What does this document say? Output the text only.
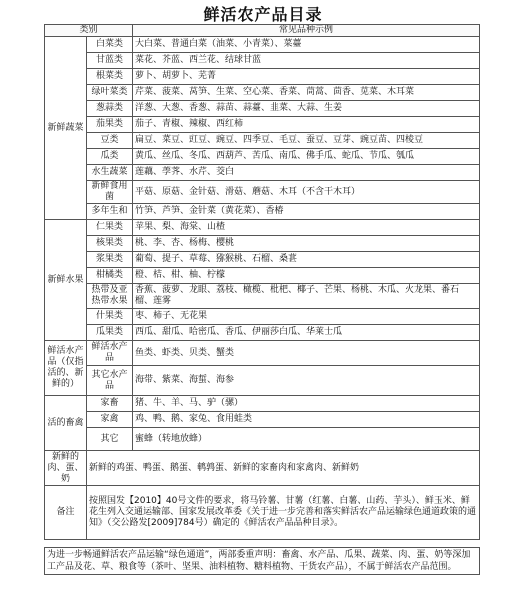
鲜活农产品目录
类别		常见品种示例
新鲜蔬菜	白菜类	大白菜、普通白菜（油菜、小青菜）、菜薹
	甘蓝类	菜花、芥蓝、西兰花、结球甘蓝
	根菜类	萝卜、胡萝卜、芜菁
	绿叶菜类	芹菜、菠菜、莴笋、生菜、空心菜、香菜、茼蒿、茴香、苋菜、木耳菜
	葱蒜类	洋葱、大葱、香葱、蒜苗、蒜薹、韭菜、大蒜、生姜
	茄果类	茄子、青椒、辣椒、西红柿
	豆类	扁豆、菜豆、豇豆、豌豆、四季豆、毛豆、蚕豆、豆芽、豌豆苗、四棱豆
	瓜类	黄瓜、丝瓜、冬瓜、西葫芦、苦瓜、南瓜、佛手瓜、蛇瓜、节瓜、瓠瓜
	水生蔬菜	莲藕、荸荠、水芹、茭白
	新鲜食用菌	平菇、原菇、金针菇、滑菇、蘑菇、木耳（不含干木耳）
	多年生和	竹笋、芦笋、金针菜（黄花菜）、香椿
新鲜水果	仁果类	苹果、梨、海棠、山楂
	核果类	桃、李、杏、杨梅、樱桃
	浆果类	葡萄、提子、草莓、猕猴桃、石榴、桑葚
	柑橘类	橙、桔、柑、柚、柠檬
	热带及亚热带水果	香蕉、菠萝、龙眼、荔枝、橄榄、枇杷、椰子、芒果、杨桃、木瓜、火龙果、番石榴、莲雾
	什果类	枣、柿子、无花果
	瓜果类	西瓜、甜瓜、哈密瓜、香瓜、伊丽莎白瓜、华莱士瓜
鲜活水产品（仅指活的、新鲜的）	鲜活水产品	鱼类、虾类、贝类、蟹类
	其它水产品	海带、紫菜、海蜇、海参
活的畜禽	家畜	猪、牛、羊、马、驴（骡）
	家禽	鸡、鸭、鹅、家兔、食用蛙类
	其它	蜜蜂（转地放蜂）
新鲜的肉、蛋、奶	新鲜的鸡蛋、鸭蛋、鹅蛋、鹌鹑蛋、新鲜的家畜肉和家禽肉、新鲜奶	
备注	按照国发【2010】40号文件的要求，将马铃薯、甘薯（红薯、白薯、山药、芋头）、鲜玉米、鲜花生列入交通运输部、国家发展改革委《关于进一步完善和落实鲜活农产品运输绿色通道政策的通知》（交公路发[2009]784号）确定的《鲜活农产品品种目录》。	
为进一步畅通鲜活农产品运输“绿色通道”，两部委重声明：畜禽、水产品、瓜果、蔬菜、肉、蛋、奶等深加工产品及花、草、粮食等（茶叶、坚果、油料植物、糖料植物、干货农产品），不属于鲜活农产品范围。
